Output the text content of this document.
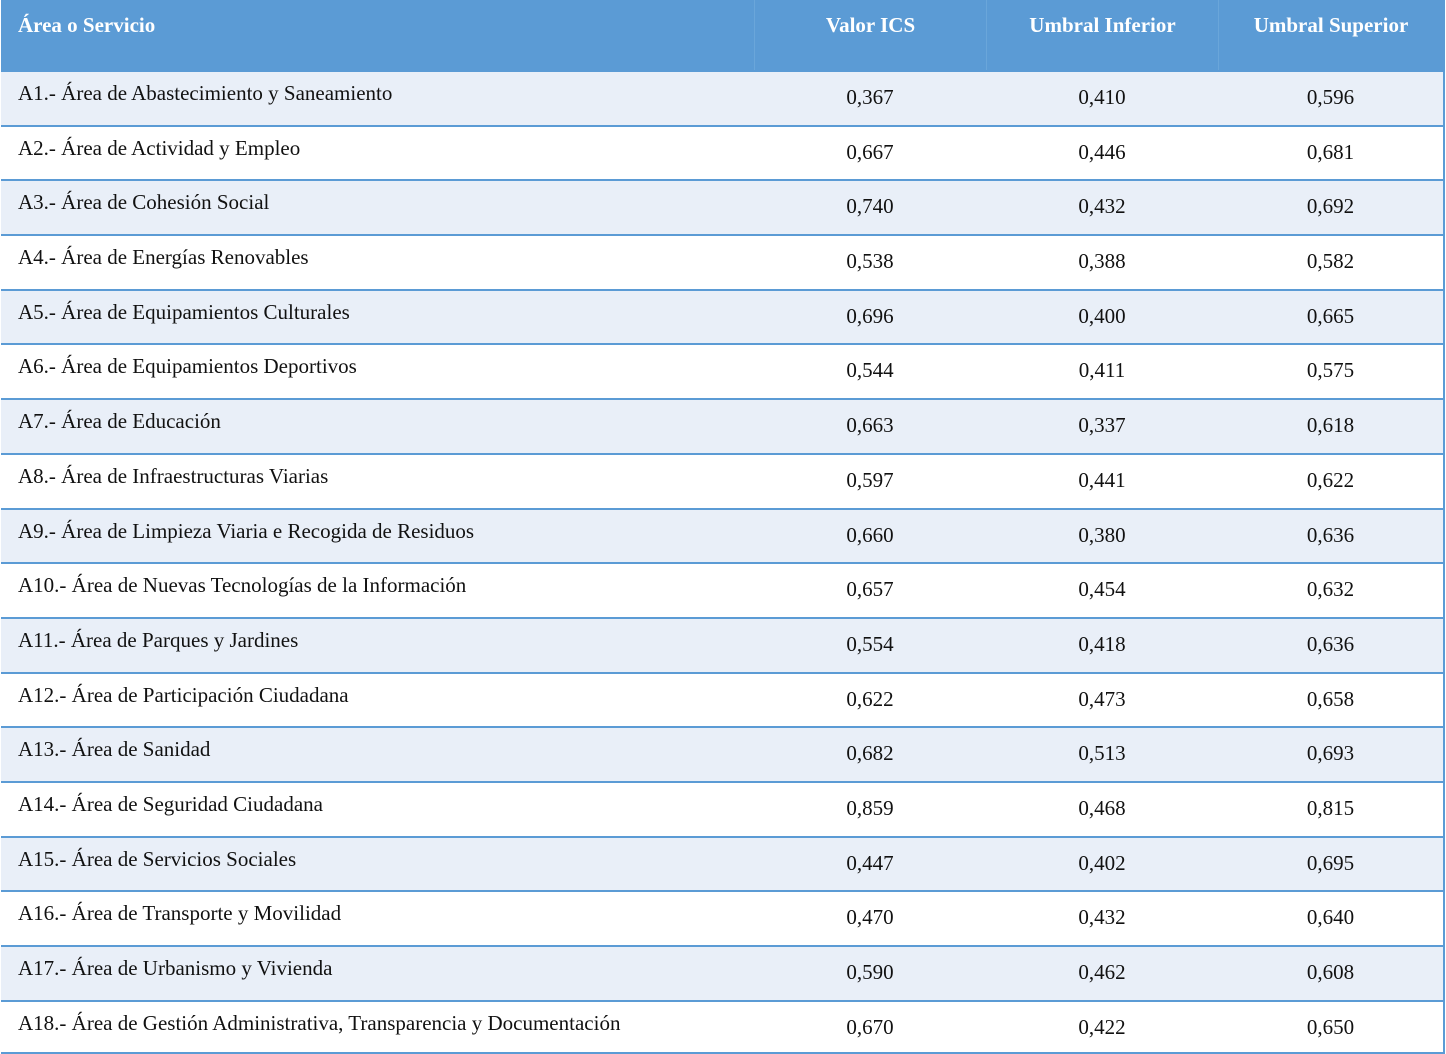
Área o Servicio	Valor ICS	Umbral Inferior	Umbral Superior
A1.- Área de Abastecimiento y Saneamiento	0,367	0,410	0,596
A2.- Área de Actividad y Empleo	0,667	0,446	0,681
A3.- Área de Cohesión Social	0,740	0,432	0,692
A4.- Área de Energías Renovables	0,538	0,388	0,582
A5.- Área de Equipamientos Culturales	0,696	0,400	0,665
A6.- Área de Equipamientos Deportivos	0,544	0,411	0,575
A7.- Área de Educación	0,663	0,337	0,618
A8.- Área de Infraestructuras Viarias	0,597	0,441	0,622
A9.- Área de Limpieza Viaria e Recogida de Residuos	0,660	0,380	0,636
A10.- Área de Nuevas Tecnologías de la Información	0,657	0,454	0,632
A11.- Área de Parques y Jardines	0,554	0,418	0,636
A12.- Área de Participación Ciudadana	0,622	0,473	0,658
A13.- Área de Sanidad	0,682	0,513	0,693
A14.- Área de Seguridad Ciudadana	0,859	0,468	0,815
A15.- Área de Servicios Sociales	0,447	0,402	0,695
A16.- Área de Transporte y Movilidad	0,470	0,432	0,640
A17.- Área de Urbanismo y Vivienda	0,590	0,462	0,608
A18.- Área de Gestión Administrativa, Transparencia y Documentación	0,670	0,422	0,650
